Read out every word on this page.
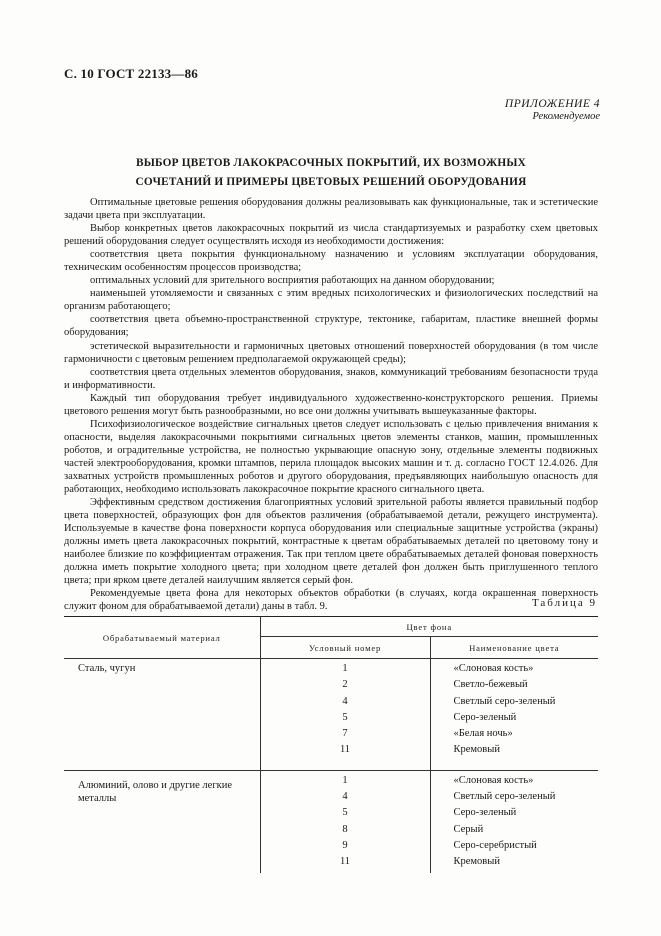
С. 10 ГОСТ 22133—86
ПРИЛОЖЕНИЕ 4
Рекомендуемое
ВЫБОР ЦВЕТОВ ЛАКОКРАСОЧНЫХ ПОКРЫТИЙ, ИХ ВОЗМОЖНЫХ
СОЧЕТАНИЙ И ПРИМЕРЫ ЦВЕТОВЫХ РЕШЕНИЙ ОБОРУДОВАНИЯ

Оптимальные цветовые решения оборудования должны реализовывать как функциональные, так и эстетические задачи цвета при эксплуатации.

Выбор конкретных цветов лакокрасочных покрытий из числа стандартизуемых и разработку схем цветовых решений оборудования следует осуществлять исходя из необходимости достижения:

соответствия цвета покрытия функциональному назначению и условиям эксплуатации оборудования, техническим особенностям процессов производства;

оптимальных условий для зрительного восприятия работающих на данном оборудовании;

наименьшей утомляемости и связанных с этим вредных психологических и физиологических последствий на организм работающего;

соответствия цвета объемно-пространственной структуре, тектонике, габаритам, пластике внешней формы оборудования;

эстетической выразительности и гармоничных цветовых отношений поверхностей оборудования (в том числе гармоничности с цветовым решением предполагаемой окружающей среды);

соответствия цвета отдельных элементов оборудования, знаков, коммуникаций требованиям безопасности труда и информативности.

Каждый тип оборудования требует индивидуального художественно-конструкторского решения. Приемы цветового решения могут быть разнообразными, но все они должны учитывать вышеуказанные факторы.

Психофизиологическое воздействие сигнальных цветов следует использовать с целью привлечения внимания к опасности, выделяя лакокрасочными покрытиями сигнальных цветов элементы станков, машин, промышленных роботов, и оградительные устройства, не полностью укрывающие опасную зону, отдельные элементы подвижных частей электрооборудования, кромки штампов, перила площадок высоких машин и т. д. согласно ГОСТ 12.4.026. Для захватных устройств промышленных роботов и другого оборудования, предъявляющих наибольшую опасность для работающих, необходимо использовать лакокрасочное покрытие красного сигнального цвета.

Эффективным средством достижения благоприятных условий зрительной работы является правильный подбор цвета поверхностей, образующих фон для объектов различения (обрабатываемой детали, режущего инструмента). Используемые в качестве фона поверхности корпуса оборудования или специальные защитные устройства (экраны) должны иметь цвета лакокрасочных покрытий, контрастные к цветам обрабатываемых деталей по цветовому тону и наиболее близкие по коэффициентам отражения. Так при теплом цвете обрабатываемых деталей фоновая поверхность должна иметь покрытие холодного цвета; при холодном цвете деталей фон должен быть приглушенного теплого цвета; при ярком цвете деталей наилучшим является серый фон.

Рекомендуемые цвета фона для некоторых объектов обработки (в случаях, когда окрашенная поверхность служит фоном для обрабатываемой детали) даны в табл. 9.	Таблица 9
Обрабатываемый материал	Цвет фона	
	Условный номер	Наименование цвета

Сталь, чугун	1	«Слоновая кость»
	2	Светло-бежевый
	4	Светлый серо-зеленый
	5	Серо-зеленый
	7	«Белая ночь»
	11	Кремовый

Алюминий, олово и другие легкие
металлы	1	«Слоновая кость»
	4	Светлый серо-зеленый
	5	Серо-зеленый
	8	Серый
	9	Серо-серебристый
	11	Кремовый
